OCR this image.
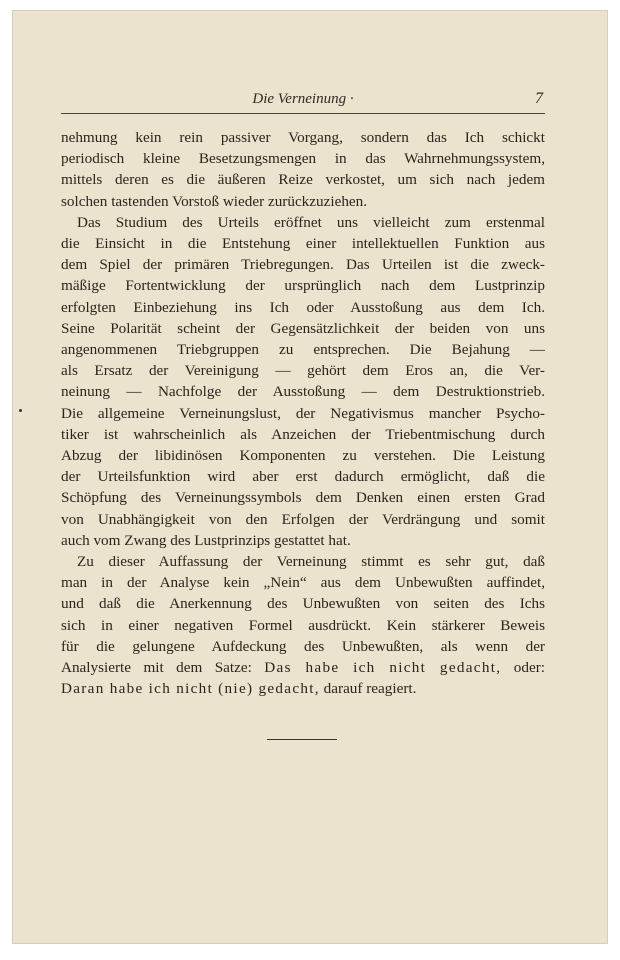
Die Verneinung ·	7
nehmung kein rein passiver Vorgang, sondern das Ich schickt
periodisch kleine Besetzungsmengen in das Wahrnehmungssystem,
mittels deren es die äußeren Reize verkostet, um sich nach jedem
solchen tastenden Vorstoß wieder zurückzuziehen.
Das Studium des Urteils eröffnet uns vielleicht zum erstenmal
die Einsicht in die Entstehung einer intellektuellen Funktion aus
dem Spiel der primären Triebregungen. Das Urteilen ist die zweck-
mäßige Fortentwicklung der ursprünglich nach dem Lustprinzip
erfolgten Einbeziehung ins Ich oder Ausstoßung aus dem Ich.
Seine Polarität scheint der Gegensätzlichkeit der beiden von uns
angenommenen Triebgruppen zu entsprechen. Die Bejahung —
als Ersatz der Vereinigung — gehört dem Eros an, die Ver-
neinung — Nachfolge der Ausstoßung — dem Destruktionstrieb.
Die allgemeine Verneinungslust, der Negativismus mancher Psycho-
tiker ist wahrscheinlich als Anzeichen der Triebentmischung durch
Abzug der libidinösen Komponenten zu verstehen. Die Leistung
der Urteilsfunktion wird aber erst dadurch ermöglicht, daß die
Schöpfung des Verneinungssymbols dem Denken einen ersten Grad
von Unabhängigkeit von den Erfolgen der Verdrängung und somit
auch vom Zwang des Lustprinzips gestattet hat.
Zu dieser Auffassung der Verneinung stimmt es sehr gut, daß
man in der Analyse kein „Nein“ aus dem Unbewußten auffindet,
und daß die Anerkennung des Unbewußten von seiten des Ichs
sich in einer negativen Formel ausdrückt. Kein stärkerer Beweis
für die gelungene Aufdeckung des Unbewußten, als wenn der
Analysierte mit dem Satze: Das habe ich nicht gedacht, oder:
Daran habe ich nicht (nie) gedacht, darauf reagiert.
